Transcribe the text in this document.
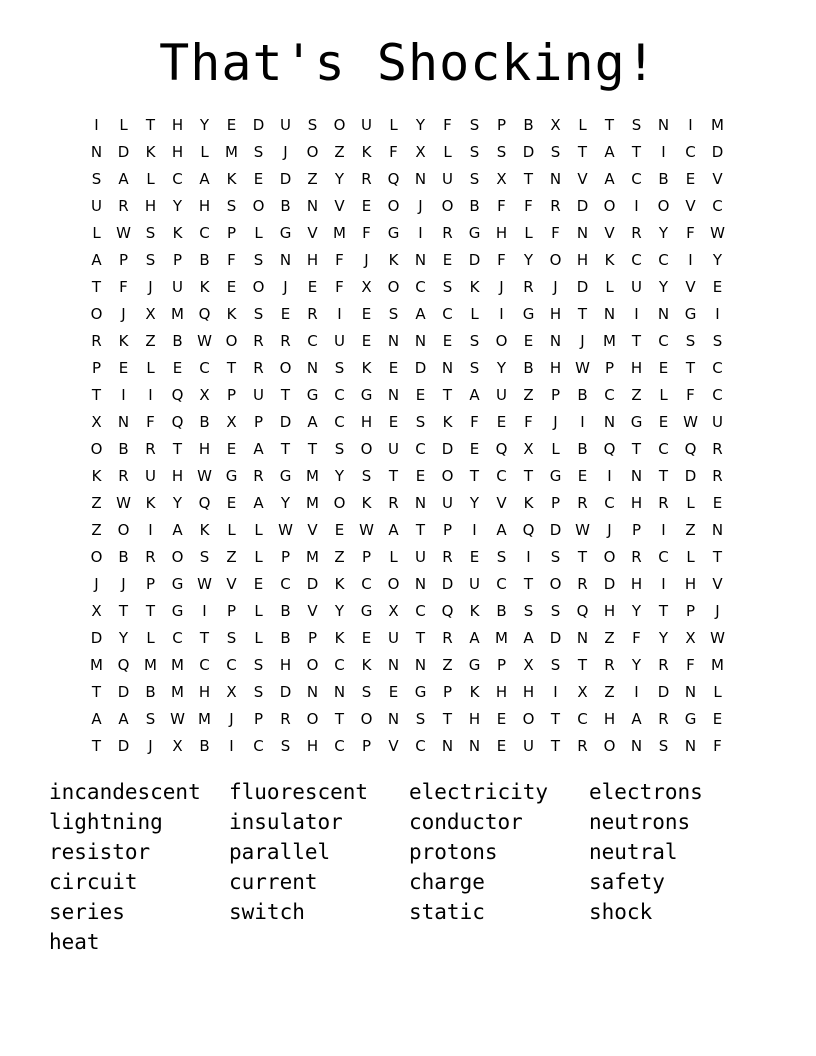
That's Shocking!
I	L	T	H	Y	E	D	U	S	O	U	L	Y	F	S	P	B	X	L	T	S	N	I	M
N	D	K	H	L	M	S	J	O	Z	K	F	X	L	S	S	D	S	T	A	T	I	C	D
S	A	L	C	A	K	E	D	Z	Y	R	Q	N	U	S	X	T	N	V	A	C	B	E	V
U	R	H	Y	H	S	O	B	N	V	E	O	J	O	B	F	F	R	D	O	I	O	V	C
L	W S	K	C	P	L	G	V	M	F	G	I	R	G	H	L	F	N	V	R	Y	F	W
A	P	S	P	B	F	S	N	H	F	J	K	N	E	D	F	Y	O	H	K	C	C	I	Y
T	F	J	U	K	E	O	J	E	F	X	O	C	S	K	J	R	J	D	L	U	Y	V	E
O	J	X	M Q	K	S	E	R	I	E	S	A	C	L	I	G	H	T	N	I	N	G	I
R	K	Z	B W O	R	R	C	U	E	N	N	E	S	O	E	N	J	M	T	C	S	S
P	E	L	E	C	T	R	O	N	S	K	E	D	N	S	Y	B	H W	P	H	E	T	C
T	I	I	Q	X	P	U	T	G	C	G	N	E	T	A	U	Z	P	B	C	Z	L	F	C
X	N	F	Q	B	X	P	D	A	C	H	E	S	K	F	E	F	J	I	N	G	E W U
O	B	R	T	H	E	A	T	T	S	O	U	C	D	E	Q	X	L	B	Q	T	C	Q	R
K	R	U	H W G	R	G M	Y	S	T	E	O	T	C	T	G	E	I	N	T	D	R
Z W K	Y	Q	E	A	Y	M O	K	R	N	U	Y	V	K	P	R	C	H	R	L	E
Z	O	I	A	K	L	L	W V	E W A	T	P	I	A	Q	D W	J	P	I	Z	N
O	B	R	O	S	Z	L	P	M	Z	P	L	U	R	E	S	I	S	T	O	R	C	L	T
J	J	P	G W V	E	C	D	K	C	O	N	D	U	C	T	O	R	D	H	I	H	V
X	T	T	G	I	P	L	B	V	Y	G	X	C	Q	K	B	S	S	Q	H	Y	T	P	J
D	Y	L	C	T	S	L	B	P	K	E	U	T	R	A	M	A	D	N	Z	F	Y	X W
M Q M M	C	C	S	H	O	C	K	N	N	Z	G	P	X	S	T	R	Y	R	F	M
T	D	B	M H	X	S	D	N	N	S	E	G	P	K	H	H	I	X	Z	I	D	N	L
A	A	S W M	J	P	R	O	T	O	N	S	T	H	E	O	T	C	H	A	R	G	E
T	D	J	X	B	I	C	S	H	C	P	V	C	N	N	E	U	T	R	O	N	S	N	F
incandescent fluorescent electricity electrons
lightning	insulator	conductor	neutrons
resistor	parallel	protons	neutral
circuit	current	charge	safety
series	switch	static	shock
heat
